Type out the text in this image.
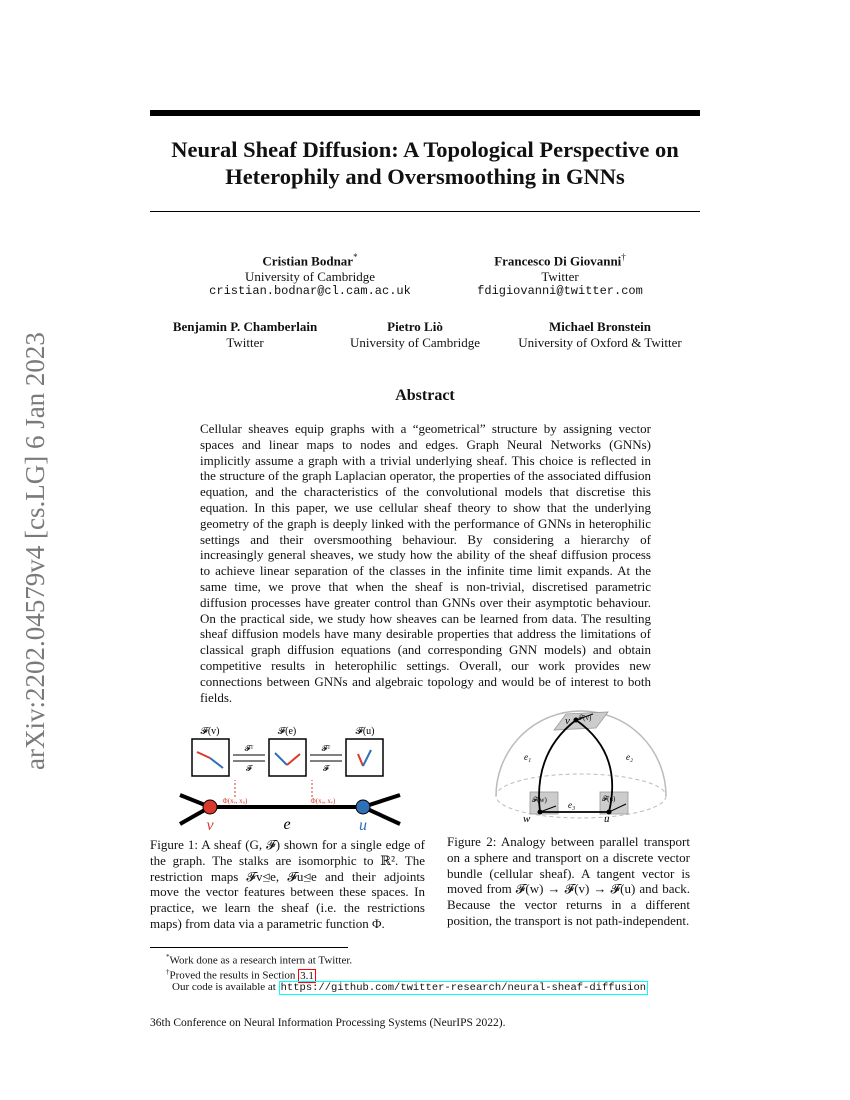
arXiv:2202.04579v4 [cs.LG] 6 Jan 2023
Neural Sheaf Diffusion: A Topological Perspective on
Heterophily and Oversmoothing in GNNs
Cristian Bodnar*
University of Cambridge
cristian.bodnar@cl.cam.ac.uk
Francesco Di Giovanni†
Twitter
fdigiovanni@twitter.com
Benjamin P. Chamberlain
Twitter
Pietro Liò
University of Cambridge
Michael Bronstein
University of Oxford & Twitter
Abstract
Cellular sheaves equip graphs with a “geometrical” structure by assigning vector spaces and linear maps to nodes and edges. Graph Neural Networks (GNNs) implicitly assume a graph with a trivial underlying sheaf. This choice is reflected in the structure of the graph Laplacian operator, the properties of the associated diffusion equation, and the characteristics of the convolutional models that discretise this equation. In this paper, we use cellular sheaf theory to show that the underlying geometry of the graph is deeply linked with the performance of GNNs in heterophilic settings and their oversmoothing behaviour. By considering a hierarchy of increasingly general sheaves, we study how the ability of the sheaf diffusion process to achieve linear separation of the classes in the infinite time limit expands. At the same time, we prove that when the sheaf is non-trivial, discretised parametric diffusion processes have greater control than GNNs over their asymptotic behaviour. On the practical side, we study how sheaves can be learned from data. The resulting sheaf diffusion models have many desirable properties that address the limitations of classical graph diffusion equations (and corresponding GNN models) and obtain competitive results in heterophilic settings. Overall, our work provides new connections between GNNs and algebraic topology and would be of interest to both fields.
𝓕(v)	𝓕(e)	𝓕(u)
𝓕ᵀ
𝓕
𝓕ᵀ
𝓕
Φ(xᵥ, xᵤ)	Φ(xᵤ, xᵥ)
v	e	u
Figure 1: A sheaf (G, 𝓕) shown for a single edge of the graph. The stalks are isomorphic to ℝ². The restriction maps 𝓕v⊴e, 𝓕u⊴e and their adjoints move the vector features between these spaces. In practice, we learn the sheaf (i.e. the restrictions maps) from data via a parametric function Φ.
v 𝓕(v)
w
𝓕(w)
u
𝓕(u)
e₁	e₂
e₃
Figure 2: Analogy between parallel transport on a sphere and transport on a discrete vector bundle (cellular sheaf). A tangent vector is moved from 𝓕(w) → 𝓕(v) → 𝓕(u) and back. Because the vector returns in a different position, the transport is not path-independent.
*Work done as a research intern at Twitter.
†Proved the results in Section 3.1
Our code is available at https://github.com/twitter-research/neural-sheaf-diffusion
36th Conference on Neural Information Processing Systems (NeurIPS 2022).
